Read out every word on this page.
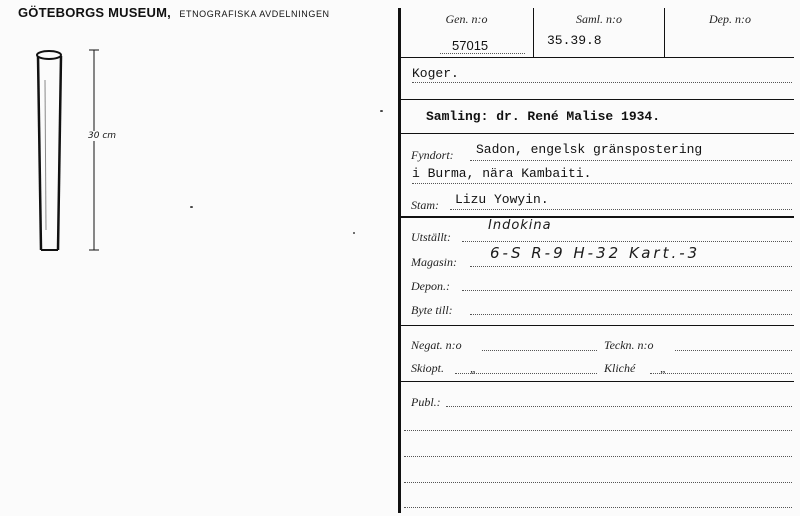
GÖTEBORGS MUSEUM, ETNOGRAFISKA AVDELNINGEN
30 cm
Gen. n:o
57015
Saml. n:o
35.39.8
Dep. n:o
Koger.
Samling: dr. René Malise 1934.
Fyndort: Sadon, engelsk gränspostering
i Burma, nära Kambaiti.
Stam: Lizu Yowyin.
Utställt:
Indokina
Magasin: 6-S R-9 H-32 Kart.-3
Depon.:
Byte till:
Negat. n:o	Teckn. n:o
Skiopt. „	Kliché „
Publ.:
